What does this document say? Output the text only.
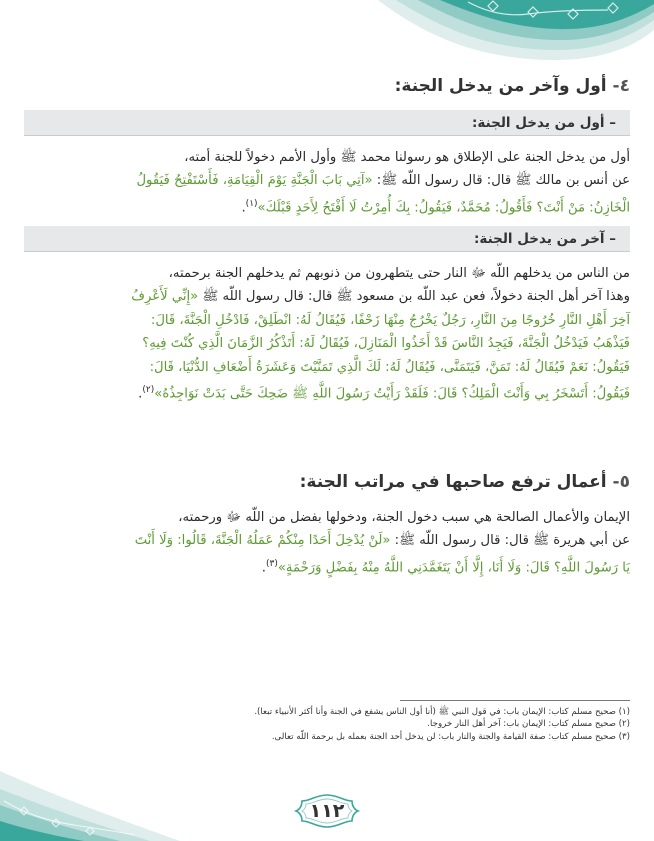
٤- أول وآخر من يدخل الجنة:
– أول من يدخل الجنة:
أول من يدخل الجنة على الإطلاق هو رسولنا محمد ﷺ وأول الأمم دخولاً للجنة أمته،
عن أنس بن مالك ﷺ قال: قال رسول اللّه ﷺ: «آتِي بَابَ الْجَنَّةِ يَوْمَ الْقِيَامَةِ، فَأَسْتَفْتِحُ فَيَقُولُ
الْخَازِنُ: مَنْ أَنْتَ؟ فَأَقُولُ: مُحَمَّدٌ، فَيَقُولُ: بِكَ أُمِرْتُ لَا أَفْتَحُ لِأَحَدٍ قَبْلَكَ»$^{(١)}$.
– آخر من يدخل الجنة:
من الناس من يدخلهم اللّه ﷻ النار حتى يتطهرون من ذنوبهم ثم يدخلهم الجنة برحمته،
وهذا آخر أهل الجنة دخولاً، فعن عبد اللّه بن مسعود ﷺ قال: قال رسول اللّه ﷺ «إِنِّي لَأَعْرِفُ
آخِرَ أَهْلِ النَّارِ خُرُوجًا مِنَ النَّارِ، رَجُلٌ يَخْرُجُ مِنْهَا زَحْفًا، فَيُقَالُ لَهُ: انْطَلِقْ، فَادْخُلِ الْجَنَّةَ، قَالَ:
فَيَذْهَبُ فَيَدْخُلُ الْجَنَّةَ، فَيَجِدُ النَّاسَ قَدْ أَخَذُوا الْمَنَازِلَ، فَيُقَالُ لَهُ: أَتَذْكُرُ الزَّمَانَ الَّذِي كُنْتَ فِيهِ؟
فَيَقُولُ: نَعَمْ فَيُقَالُ لَهُ: تَمَنَّ، فَيَتَمَنَّى، فَيُقَالُ لَهُ: لَكَ الَّذِي تَمَنَّيْتَ وَعَشَرَةُ أَضْعَافِ الدُّنْيَا، قَالَ:
فَيَقُولُ: أَتَسْخَرُ بِي وَأَنْتَ الْمَلِكُ؟ قَالَ: فَلَقَدْ رَأَيْتُ رَسُولَ اللَّهِ ﷺ ضَحِكَ حَتَّى بَدَتْ نَوَاجِذُهُ»$^{(٢)}$.
٥- أعمال ترفع صاحبها في مراتب الجنة:
الإيمان والأعمال الصالحة هي سبب دخول الجنة، ودخولها بفضل من اللّه ﷻ ورحمته،
عن أبي هريرة ﷺ قال: قال رسول اللّه ﷺ: «لَنْ يُدْخِلَ أَحَدًا مِنْكُمْ عَمَلُهُ الْجَنَّةَ، قَالُوا: وَلَا أَنْتَ
يَا رَسُولَ اللَّهِ؟ قَالَ: وَلَا أَنَا، إِلَّا أَنْ يَتَغَمَّدَنِي اللَّهُ مِنْهُ بِفَضْلٍ وَرَحْمَةٍ»$^{(٣)}$.
(١) صحيح مسلم كتاب: الإيمان باب: في قول النبي ﷺ (أنا أول الناس يشفع في الجنة وأنا أكثر الأنبياء تبعا).
(٢) صحيح مسلم كتاب: الإيمان باب: آخر أهل النار خروجا.
(٣) صحيح مسلم كتاب: صفة القيامة والجنة والنار باب: لن يدخل أحد الجنة بعمله بل برحمة اللّه تعالى.
١١٢
